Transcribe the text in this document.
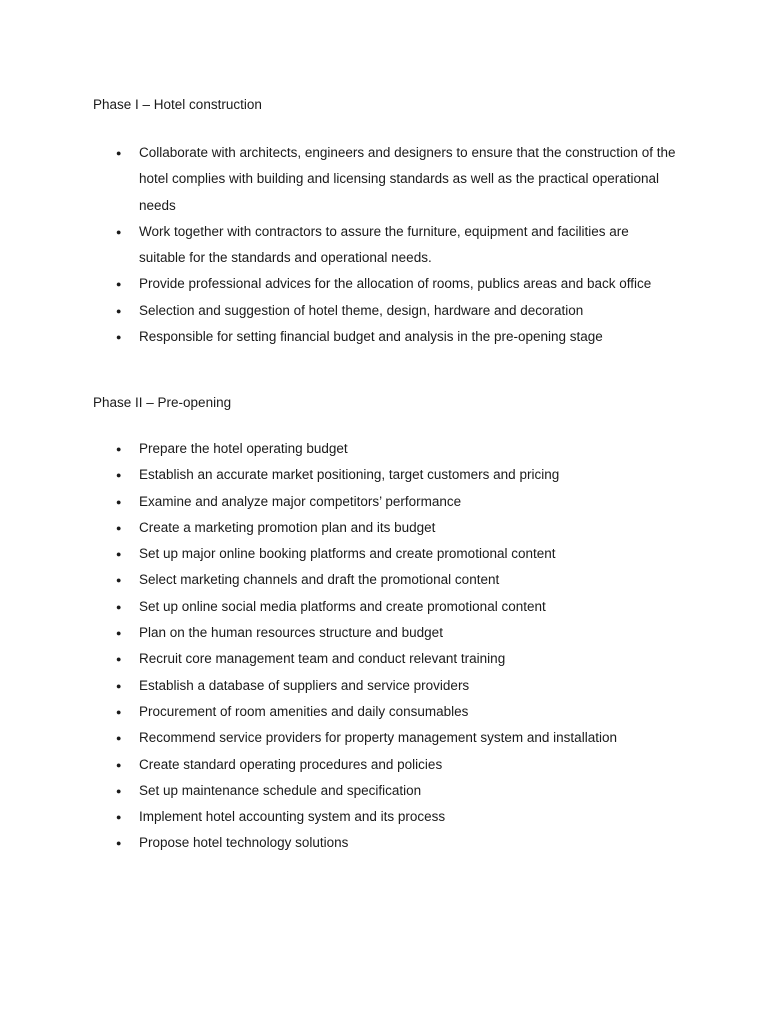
Phase I – Hotel construction
● Collaborate with architects, engineers and designers to ensure that the construction of the hotel complies with building and licensing standards as well as the practical operational needs
● Work together with contractors to assure the furniture, equipment and facilities are suitable for the standards and operational needs.
● Provide professional advices for the allocation of rooms, publics areas and back office
● Selection and suggestion of hotel theme, design, hardware and decoration
● Responsible for setting financial budget and analysis in the pre-opening stage
Phase II – Pre-opening
● Prepare the hotel operating budget
● Establish an accurate market positioning, target customers and pricing
● Examine and analyze major competitors’ performance
● Create a marketing promotion plan and its budget
● Set up major online booking platforms and create promotional content
● Select marketing channels and draft the promotional content
● Set up online social media platforms and create promotional content
● Plan on the human resources structure and budget
● Recruit core management team and conduct relevant training
● Establish a database of suppliers and service providers
● Procurement of room amenities and daily consumables
● Recommend service providers for property management system and installation
● Create standard operating procedures and policies
● Set up maintenance schedule and specification
● Implement hotel accounting system and its process
● Propose hotel technology solutions
